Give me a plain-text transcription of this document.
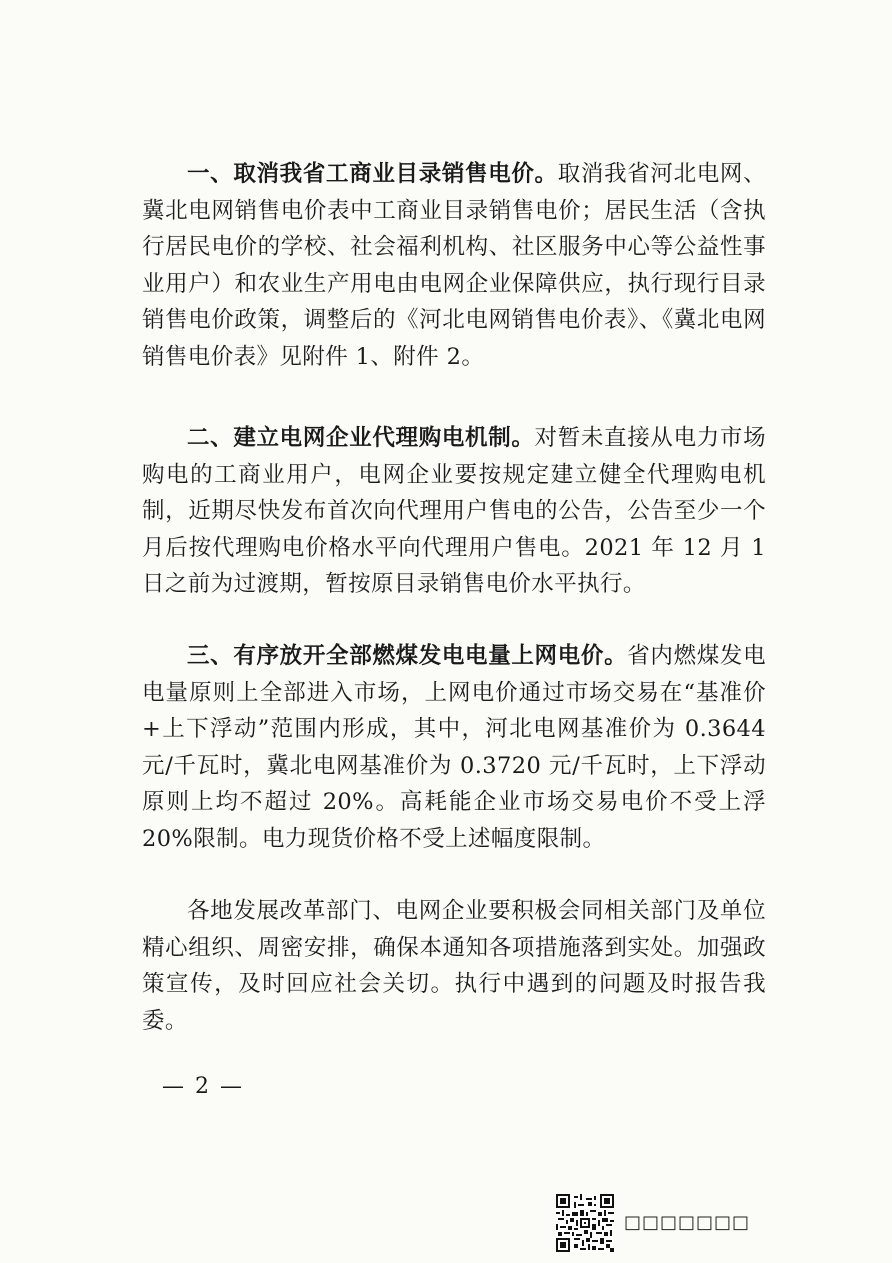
一、取消我省工商业目录销售电价。取消我省河北电网、冀北电网销售电价表中工商业目录销售电价；居民生活（含执行居民电价的学校、社会福利机构、社区服务中心等公益性事业用户）和农业生产用电由电网企业保障供应，执行现行目录销售电价政策，调整后的《河北电网销售电价表》、《冀北电网销售电价表》见附件 1、附件 2。

二、建立电网企业代理购电机制。对暂未直接从电力市场购电的工商业用户，电网企业要按规定建立健全代理购电机制，近期尽快发布首次向代理用户售电的公告，公告至少一个月后按代理购电价格水平向代理用户售电。2021 年 12 月 1 日之前为过渡期，暂按原目录销售电价水平执行。

三、有序放开全部燃煤发电电量上网电价。省内燃煤发电电量原则上全部进入市场，上网电价通过市场交易在“基准价+上下浮动”范围内形成，其中，河北电网基准价为 0.3644 元/千瓦时，冀北电网基准价为 0.3720 元/千瓦时，上下浮动原则上均不超过 20%。高耗能企业市场交易电价不受上浮 20%限制。电力现货价格不受上述幅度限制。

各地发展改革部门、电网企业要积极会同相关部门及单位精心组织、周密安排，确保本通知各项措施落到实处。加强政策宣传，及时回应社会关切。执行中遇到的问题及时报告我委。

— 2 —
□□□□□□□
